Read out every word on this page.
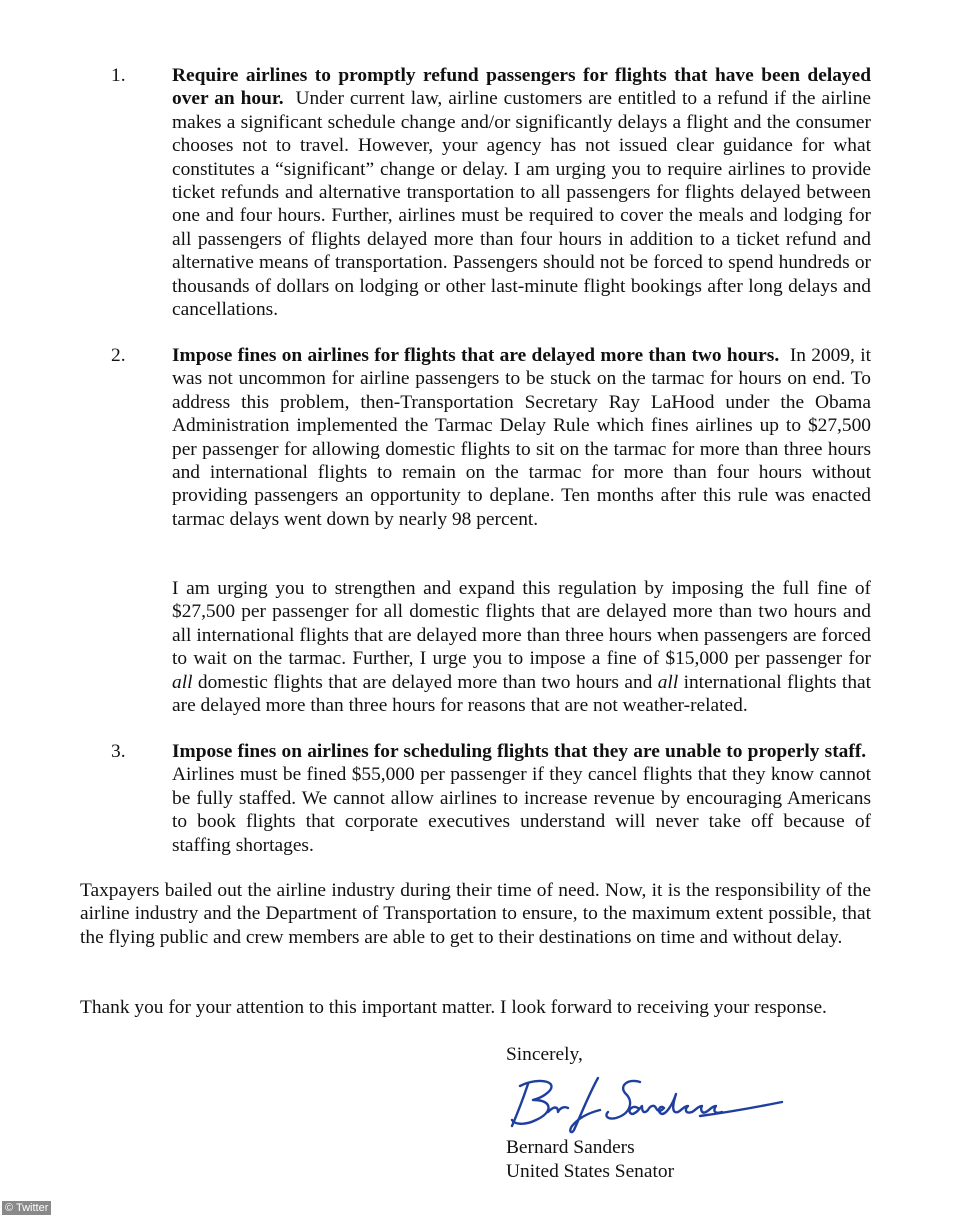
1. Require airlines to promptly refund passengers for flights that have been delayed over an hour. Under current law, airline customers are entitled to a refund if the airline makes a significant schedule change and/or significantly delays a flight and the consumer chooses not to travel. However, your agency has not issued clear guidance for what constitutes a “significant” change or delay. I am urging you to require airlines to provide ticket refunds and alternative transportation to all passengers for flights delayed between one and four hours. Further, airlines must be required to cover the meals and lodging for all passengers of flights delayed more than four hours in addition to a ticket refund and alternative means of transportation. Passengers should not be forced to spend hundreds or thousands of dollars on lodging or other last-minute flight bookings after long delays and cancellations.
2. Impose fines on airlines for flights that are delayed more than two hours. In 2009, it was not uncommon for airline passengers to be stuck on the tarmac for hours on end. To address this problem, then-Transportation Secretary Ray LaHood under the Obama Administration implemented the Tarmac Delay Rule which fines airlines up to $27,500 per passenger for allowing domestic flights to sit on the tarmac for more than three hours and international flights to remain on the tarmac for more than four hours without providing passengers an opportunity to deplane. Ten months after this rule was enacted tarmac delays went down by nearly 98 percent.
I am urging you to strengthen and expand this regulation by imposing the full fine of $27,500 per passenger for all domestic flights that are delayed more than two hours and all international flights that are delayed more than three hours when passengers are forced to wait on the tarmac. Further, I urge you to impose a fine of $15,000 per passenger for all domestic flights that are delayed more than two hours and all international flights that are delayed more than three hours for reasons that are not weather-related.
3. Impose fines on airlines for scheduling flights that they are unable to properly staff.  Airlines must be fined $55,000 per passenger if they cancel flights that they know cannot be fully staffed. We cannot allow airlines to increase revenue by encouraging Americans to book flights that corporate executives understand will never take off because of staffing shortages.
Taxpayers bailed out the airline industry during their time of need. Now, it is the responsibility of the airline industry and the Department of Transportation to ensure, to the maximum extent possible, that the flying public and crew members are able to get to their destinations on time and without delay.
Thank you for your attention to this important matter. I look forward to receiving your response.
Sincerely,
Bernard Sanders
Bernard Sanders
United States Senator
© Twitter
